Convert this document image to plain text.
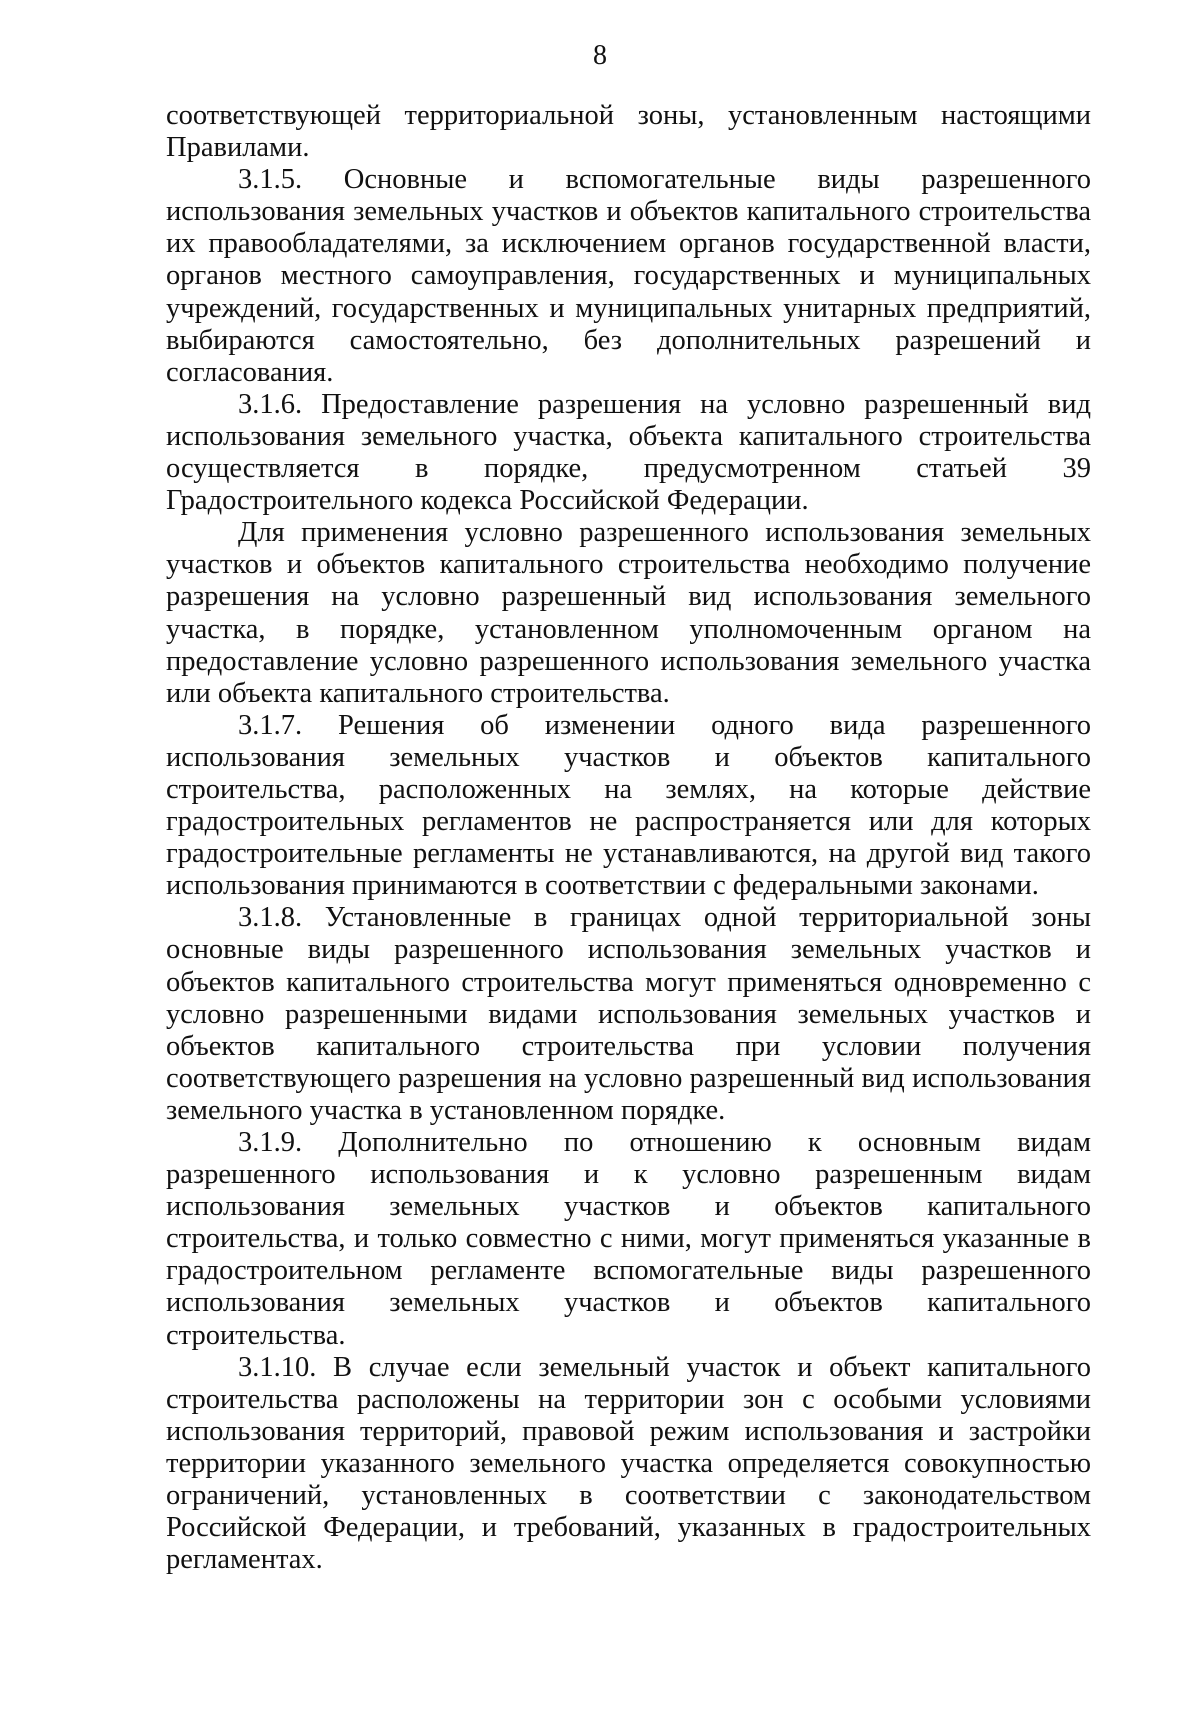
8

соответствующей территориальной зоны, установленным настоящими Правилами.

3.1.5. Основные и вспомогательные виды разрешенного использования земельных участков и объектов капитального строительства их правообладателями, за исключением органов государственной власти, органов местного самоуправления, государственных и муниципальных учреждений, государственных и муниципальных унитарных предприятий, выбираются самостоятельно, без дополнительных разрешений и согласования.

3.1.6. Предоставление разрешения на условно разрешенный вид использования земельного участка, объекта капитального строительства осуществляется в порядке, предусмотренном статьей 39 Градостроительного кодекса Российской Федерации.

Для применения условно разрешенного использования земельных участков и объектов капитального строительства необходимо получение разрешения на условно разрешенный вид использования земельного участка, в порядке, установленном уполномоченным органом на предоставление условно разрешенного использования земельного участка или объекта капитального строительства.

3.1.7. Решения об изменении одного вида разрешенного использования земельных участков и объектов капитального строительства, расположенных на землях, на которые действие градостроительных регламентов не распространяется или для которых градостроительные регламенты не устанавливаются, на другой вид такого использования принимаются в соответствии с федеральными законами.

3.1.8. Установленные в границах одной территориальной зоны основные виды разрешенного использования земельных участков и объектов капитального строительства могут применяться одновременно с условно разрешенными видами использования земельных участков и объектов капитального строительства при условии получения соответствующего разрешения на условно разрешенный вид использования земельного участка в установленном порядке.

3.1.9. Дополнительно по отношению к основным видам разрешенного использования и к условно разрешенным видам использования земельных участков и объектов капитального строительства, и только совместно с ними, могут применяться указанные в градостроительном регламенте вспомогательные виды разрешенного использования земельных участков и объектов капитального строительства.

3.1.10. В случае если земельный участок и объект капитального строительства расположены на территории зон с особыми условиями использования территорий, правовой режим использования и застройки территории указанного земельного участка определяется совокупностью ограничений, установленных в соответствии с законодательством Российской Федерации, и требований, указанных в градостроительных регламентах.
